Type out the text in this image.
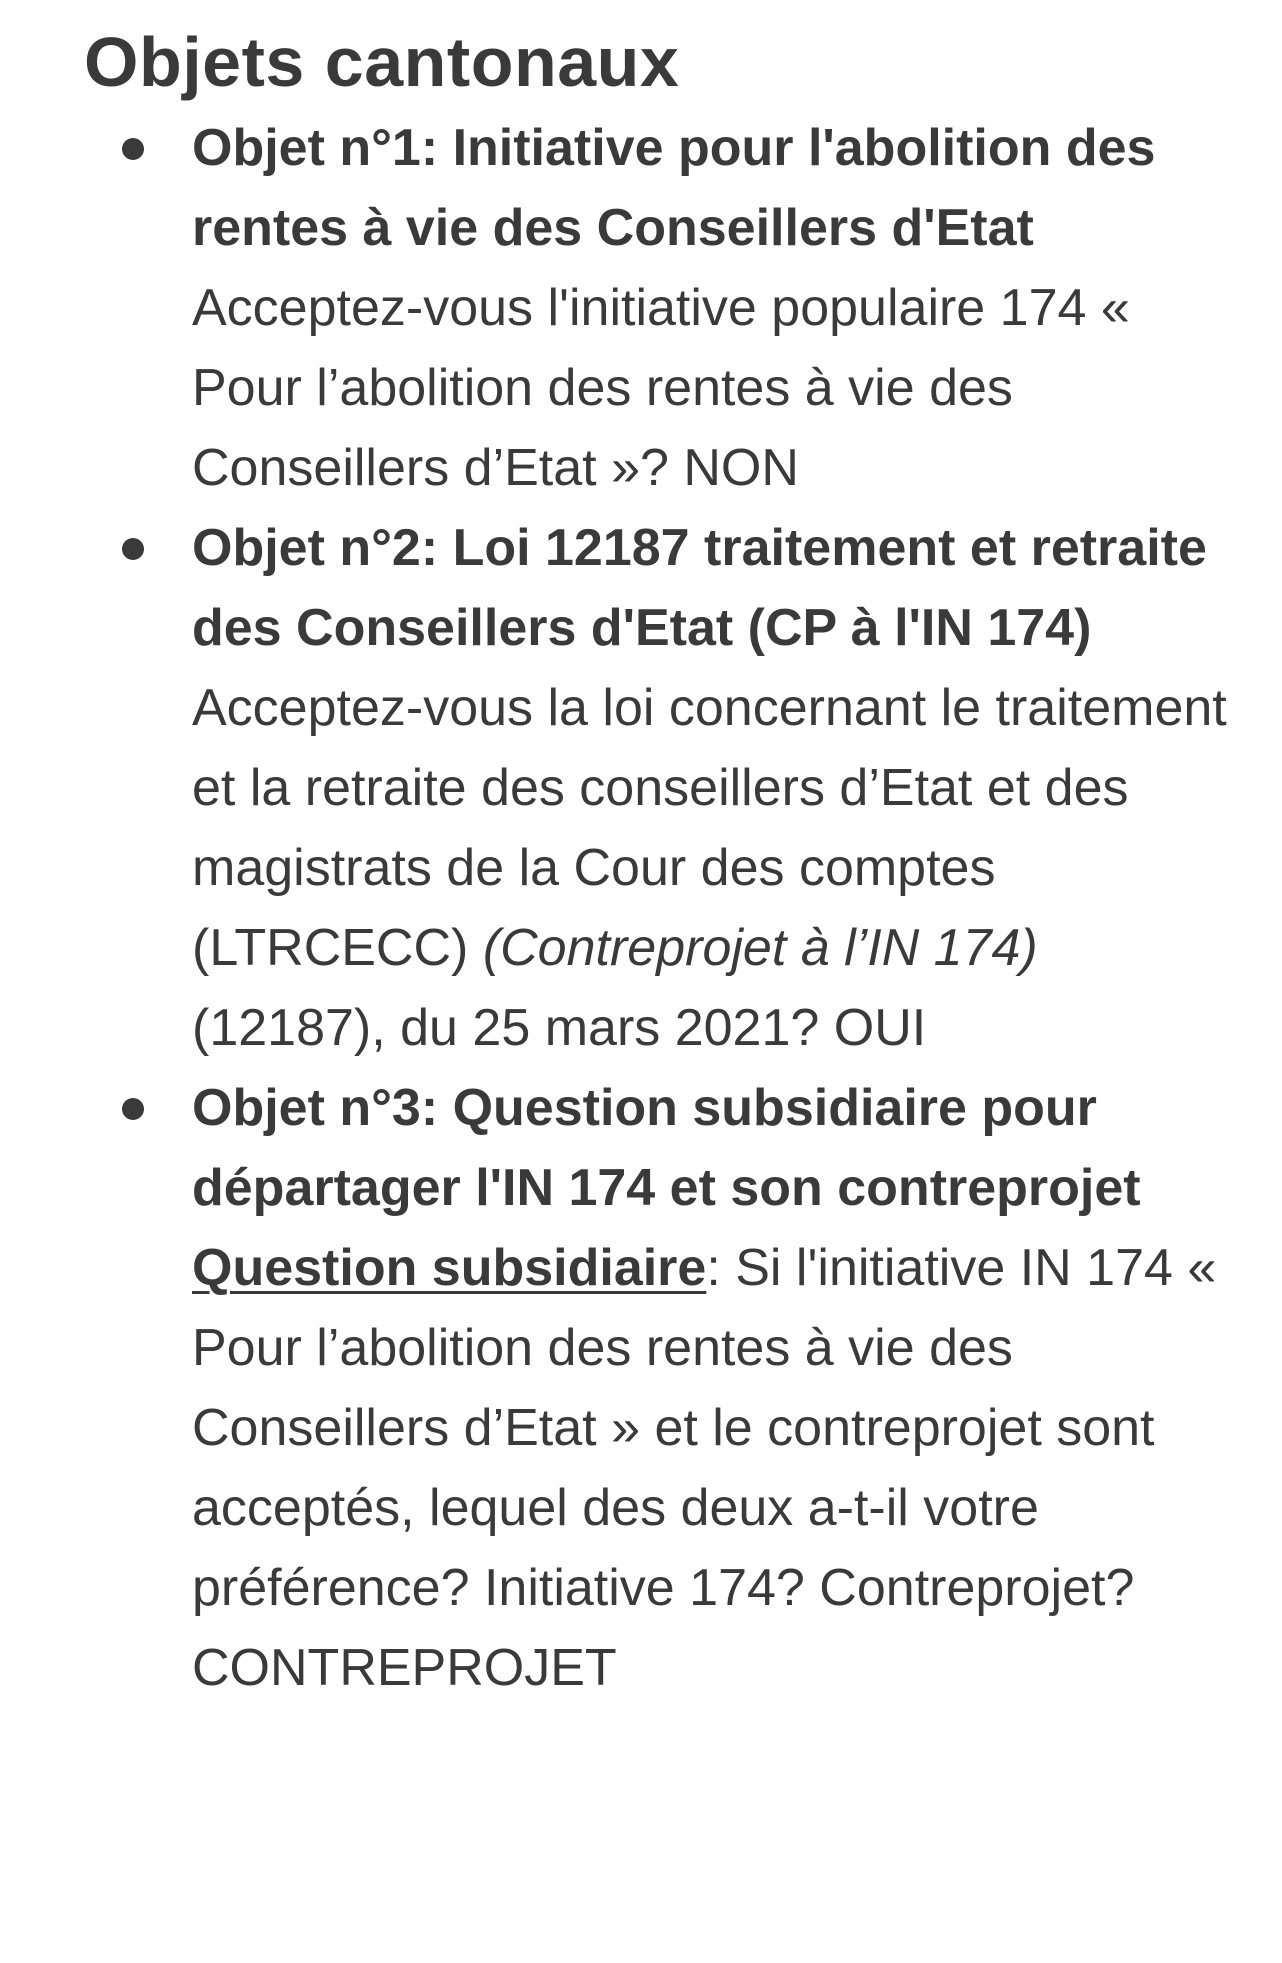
Objets cantonaux
Objet n°1: Initiative pour l'abolition des rentes à vie des Conseillers d'Etat Acceptez-vous l'initiative populaire 174 « Pour l’abolition des rentes à vie des Conseillers d’Etat »? NON
Objet n°2: Loi 12187 traitement et retraite des Conseillers d'Etat (CP à l'IN 174) Acceptez-vous la loi concernant le traitement et la retraite des conseillers d’Etat et des magistrats de la Cour des comptes (LTRCECC) (Contreprojet à l’IN 174) (12187), du 25 mars 2021? OUI
Objet n°3: Question subsidiaire pour départager l'IN 174 et son contreprojet Question subsidiaire: Si l'initiative IN 174 « Pour l’abolition des rentes à vie des Conseillers d’Etat » et le contreprojet sont acceptés, lequel des deux a-t-il votre préférence? Initiative 174? Contreprojet? CONTREPROJET
